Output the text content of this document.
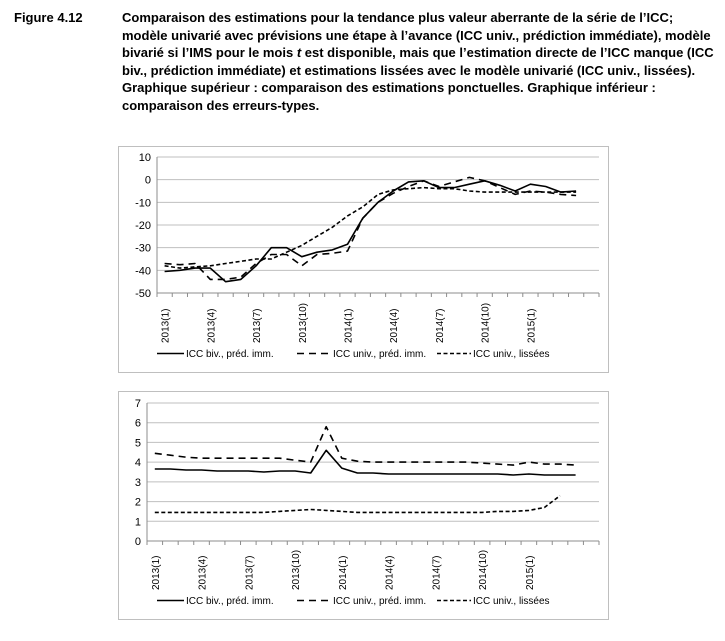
Figure 4.12	Comparaison des estimations pour la tendance plus valeur aberrante de la série de l’ICC; modèle univarié avec prévisions une étape à l’avance (ICC univ., prédiction immédiate), modèle bivarié si l’IMS pour le mois t est disponible, mais que l’estimation directe de l’ICC manque (ICC biv., prédiction immédiate) et estimations lissées avec le modèle univarié (ICC univ., lissées). Graphique supérieur : comparaison des estimations ponctuelles. Graphique inférieur : comparaison des erreurs-types.
10
0
-10
-20
-30
-40
-50
2013(1)	2013(4)	2013(7)	2013(10)	2014(1)	2014(4)	2014(7)	2014(10)	2015(1)
ICC biv., préd. imm.	ICC univ., préd. imm.	ICC univ., lissées
7
6
5
4
3
2
1
0
2013(1)	2013(4)	2013(7)	2013(10)	2014(1)	2014(4)	2014(7)	2014(10)	2015(1)
ICC biv., préd. imm.	ICC univ., préd. imm.	ICC univ., lissées
